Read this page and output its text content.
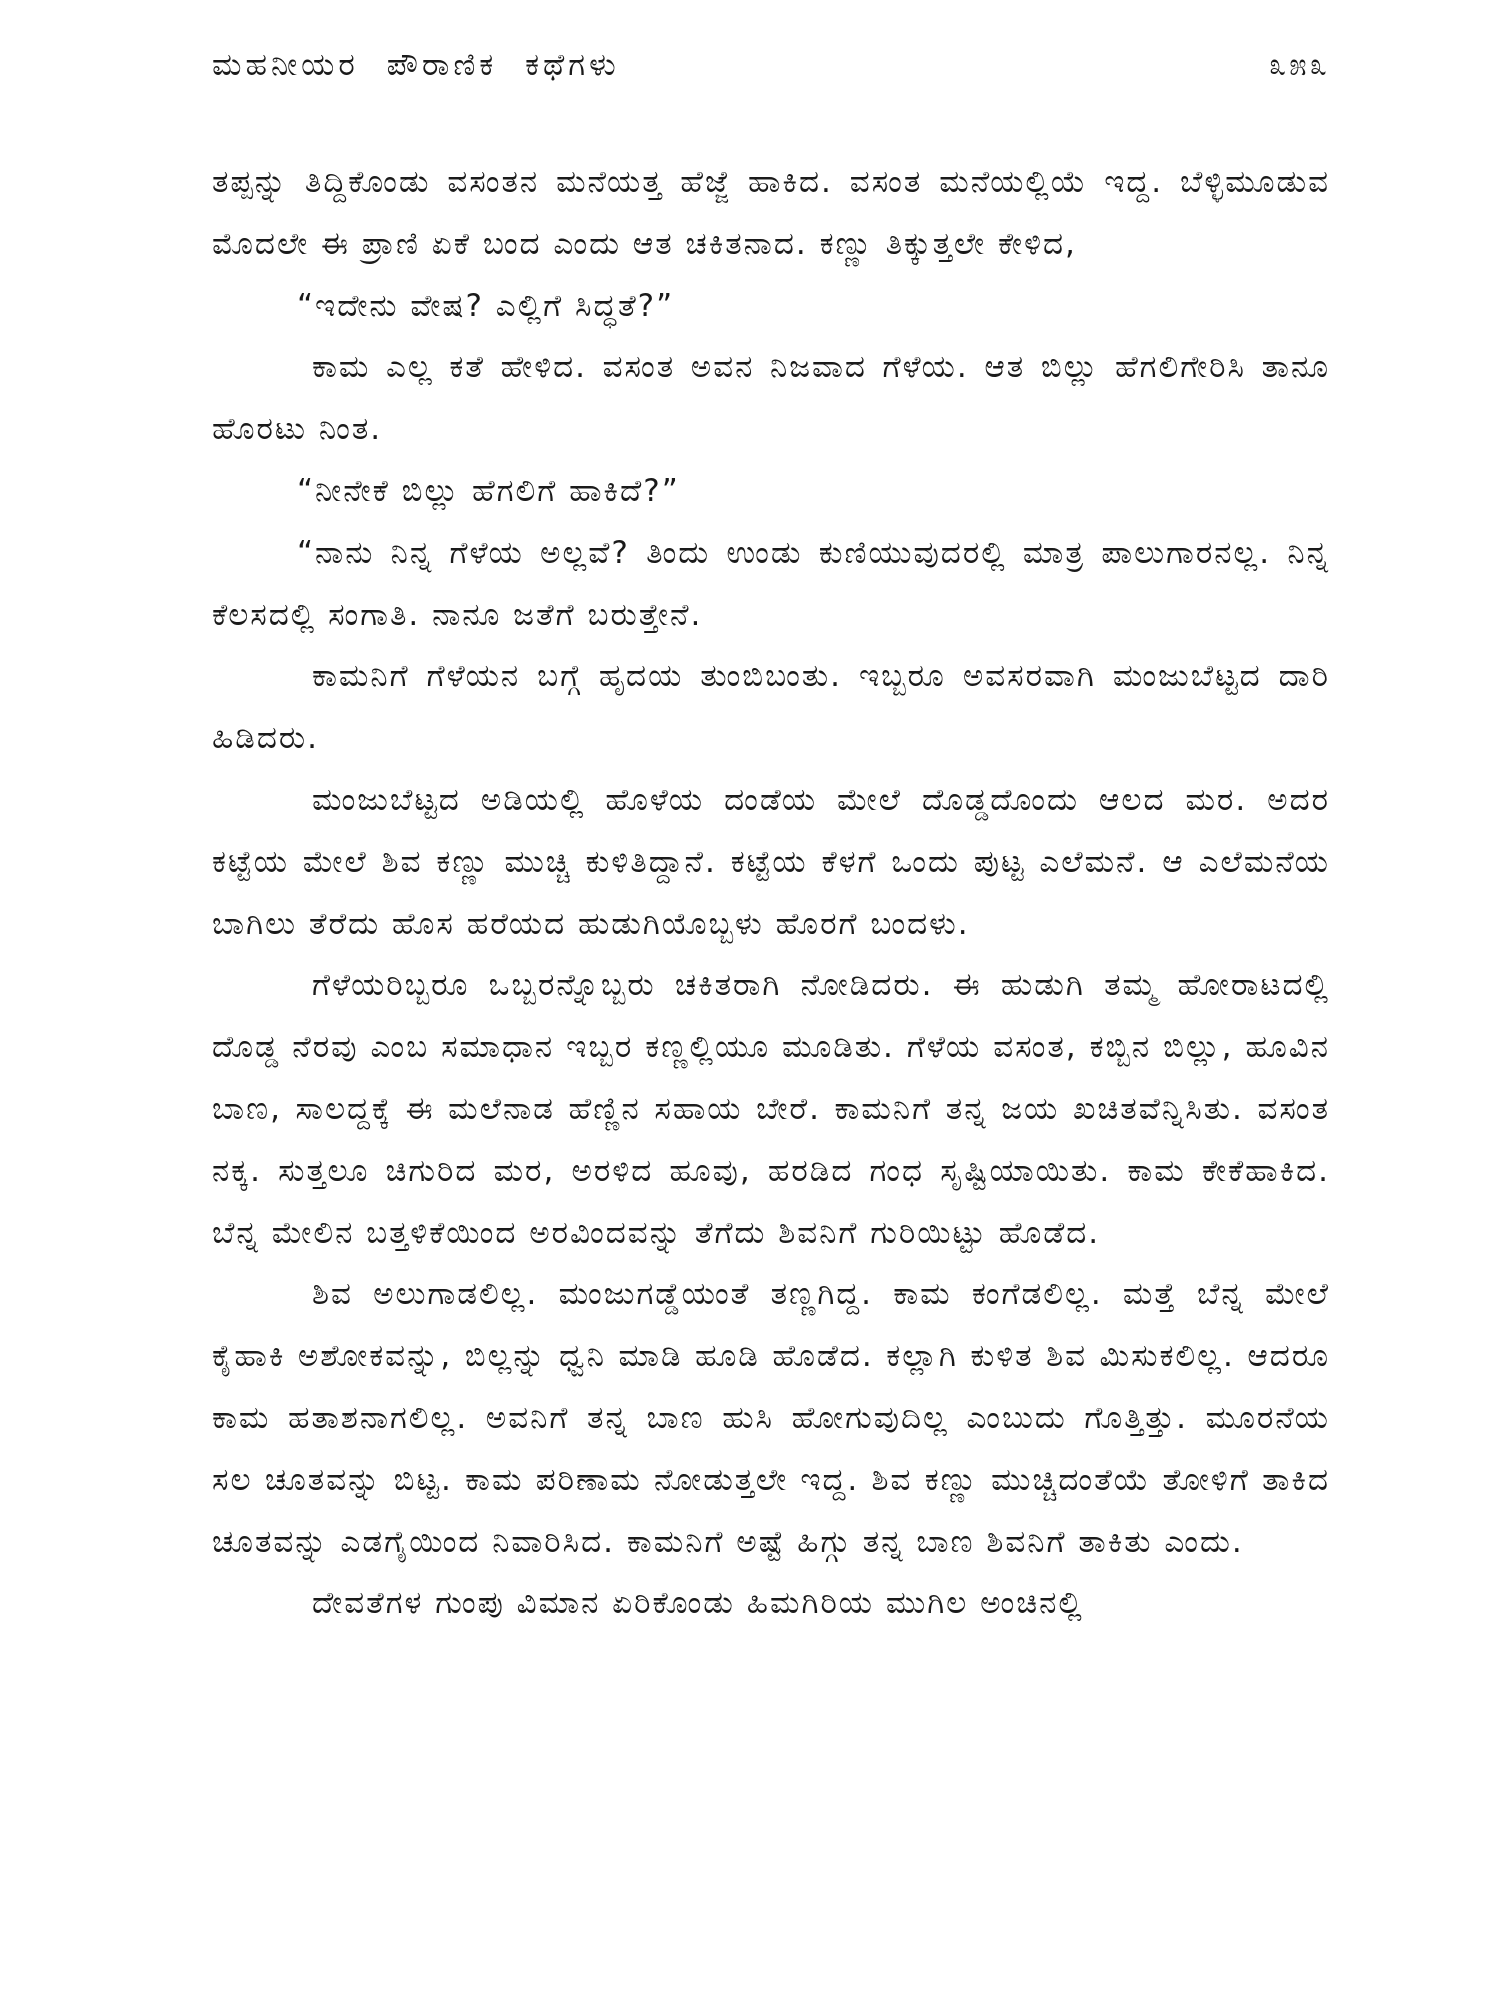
ಮಹನೀಯರ ಪೌರಾಣಿಕ ಕಥೆಗಳು	೩೫೩

ತಪ್ಪನ್ನು ತಿದ್ದಿಕೊಂಡು ವಸಂತನ ಮನೆಯತ್ತ ಹೆಜ್ಜೆ ಹಾಕಿದ. ವಸಂತ ಮನೆಯಲ್ಲಿಯೆ ಇದ್ದ. ಬೆಳ್ಳಿಮೂಡುವ ಮೊದಲೇ ಈ ಪ್ರಾಣಿ ಏಕೆ ಬಂದ ಎಂದು ಆತ ಚಕಿತನಾದ. ಕಣ್ಣು ತಿಕ್ಕುತ್ತಲೇ ಕೇಳಿದ,

“ಇದೇನು ವೇಷ? ಎಲ್ಲಿಗೆ ಸಿದ್ಧತೆ?”

ಕಾಮ ಎಲ್ಲ ಕತೆ ಹೇಳಿದ. ವಸಂತ ಅವನ ನಿಜವಾದ ಗೆಳೆಯ. ಆತ ಬಿಲ್ಲು ಹೆಗಲಿಗೇರಿಸಿ ತಾನೂ ಹೊರಟು ನಿಂತ.

“ನೀನೇಕೆ ಬಿಲ್ಲು ಹೆಗಲಿಗೆ ಹಾಕಿದೆ?”

“ನಾನು ನಿನ್ನ ಗೆಳೆಯ ಅಲ್ಲವೆ? ತಿಂದು ಉಂಡು ಕುಣಿಯುವುದರಲ್ಲಿ ಮಾತ್ರ ಪಾಲುಗಾರನಲ್ಲ. ನಿನ್ನ ಕೆಲಸದಲ್ಲಿ ಸಂಗಾತಿ. ನಾನೂ ಜತೆಗೆ ಬರುತ್ತೇನೆ.

ಕಾಮನಿಗೆ ಗೆಳೆಯನ ಬಗ್ಗೆ ಹೃದಯ ತುಂಬಿಬಂತು. ಇಬ್ಬರೂ ಅವಸರವಾಗಿ ಮಂಜುಬೆಟ್ಟದ ದಾರಿ ಹಿಡಿದರು.

ಮಂಜುಬೆಟ್ಟದ ಅಡಿಯಲ್ಲಿ ಹೊಳೆಯ ದಂಡೆಯ ಮೇಲೆ ದೊಡ್ಡದೊಂದು ಆಲದ ಮರ. ಅದರ ಕಟ್ಟೆಯ ಮೇಲೆ ಶಿವ ಕಣ್ಣು ಮುಚ್ಚಿ ಕುಳಿತಿದ್ದಾನೆ. ಕಟ್ಟೆಯ ಕೆಳಗೆ ಒಂದು ಪುಟ್ಟ ಎಲೆಮನೆ. ಆ ಎಲೆಮನೆಯ ಬಾಗಿಲು ತೆರೆದು ಹೊಸ ಹರೆಯದ ಹುಡುಗಿಯೊಬ್ಬಳು ಹೊರಗೆ ಬಂದಳು.

ಗೆಳೆಯರಿಬ್ಬರೂ ಒಬ್ಬರನ್ನೊಬ್ಬರು ಚಕಿತರಾಗಿ ನೋಡಿದರು. ಈ ಹುಡುಗಿ ತಮ್ಮ ಹೋರಾಟದಲ್ಲಿ ದೊಡ್ಡ ನೆರವು ಎಂಬ ಸಮಾಧಾನ ಇಬ್ಬರ ಕಣ್ಣಲ್ಲಿಯೂ ಮೂಡಿತು. ಗೆಳೆಯ ವಸಂತ, ಕಬ್ಬಿನ ಬಿಲ್ಲು, ಹೂವಿನ ಬಾಣ, ಸಾಲದ್ದಕ್ಕೆ ಈ ಮಲೆನಾಡ ಹೆಣ್ಣಿನ ಸಹಾಯ ಬೇರೆ. ಕಾಮನಿಗೆ ತನ್ನ ಜಯ ಖಚಿತವೆನ್ನಿಸಿತು. ವಸಂತ ನಕ್ಕ. ಸುತ್ತಲೂ ಚಿಗುರಿದ ಮರ, ಅರಳಿದ ಹೂವು, ಹರಡಿದ ಗಂಧ ಸೃಷ್ಟಿಯಾಯಿತು. ಕಾಮ ಕೇಕೆಹಾಕಿದ. ಬೆನ್ನ ಮೇಲಿನ ಬತ್ತಳಿಕೆಯಿಂದ ಅರವಿಂದವನ್ನು ತೆಗೆದು ಶಿವನಿಗೆ ಗುರಿಯಿಟ್ಟು ಹೊಡೆದ.

ಶಿವ ಅಲುಗಾಡಲಿಲ್ಲ. ಮಂಜುಗಡ್ಡೆಯಂತೆ ತಣ್ಣಗಿದ್ದ. ಕಾಮ ಕಂಗೆಡಲಿಲ್ಲ. ಮತ್ತೆ ಬೆನ್ನ ಮೇಲೆ ಕೈಹಾಕಿ ಅಶೋಕವನ್ನು, ಬಿಲ್ಲನ್ನು ಧ್ವನಿ ಮಾಡಿ ಹೂಡಿ ಹೊಡೆದ. ಕಲ್ಲಾಗಿ ಕುಳಿತ ಶಿವ ಮಿಸುಕಲಿಲ್ಲ. ಆದರೂ ಕಾಮ ಹತಾಶನಾಗಲಿಲ್ಲ. ಅವನಿಗೆ ತನ್ನ ಬಾಣ ಹುಸಿ ಹೋಗುವುದಿಲ್ಲ ಎಂಬುದು ಗೊತ್ತಿತ್ತು. ಮೂರನೆಯ ಸಲ ಚೂತವನ್ನು ಬಿಟ್ಟ. ಕಾಮ ಪರಿಣಾಮ ನೋಡುತ್ತಲೇ ಇದ್ದ. ಶಿವ ಕಣ್ಣು ಮುಚ್ಚಿದಂತೆಯೆ ತೋಳಿಗೆ ತಾಕಿದ ಚೂತವನ್ನು ಎಡಗೈಯಿಂದ ನಿವಾರಿಸಿದ. ಕಾಮನಿಗೆ ಅಷ್ಟೆ ಹಿಗ್ಗು ತನ್ನ ಬಾಣ ಶಿವನಿಗೆ ತಾಕಿತು ಎಂದು.

ದೇವತೆಗಳ ಗುಂಪು ವಿಮಾನ ಏರಿಕೊಂಡು ಹಿಮಗಿರಿಯ ಮುಗಿಲ ಅಂಚಿನಲ್ಲಿ
